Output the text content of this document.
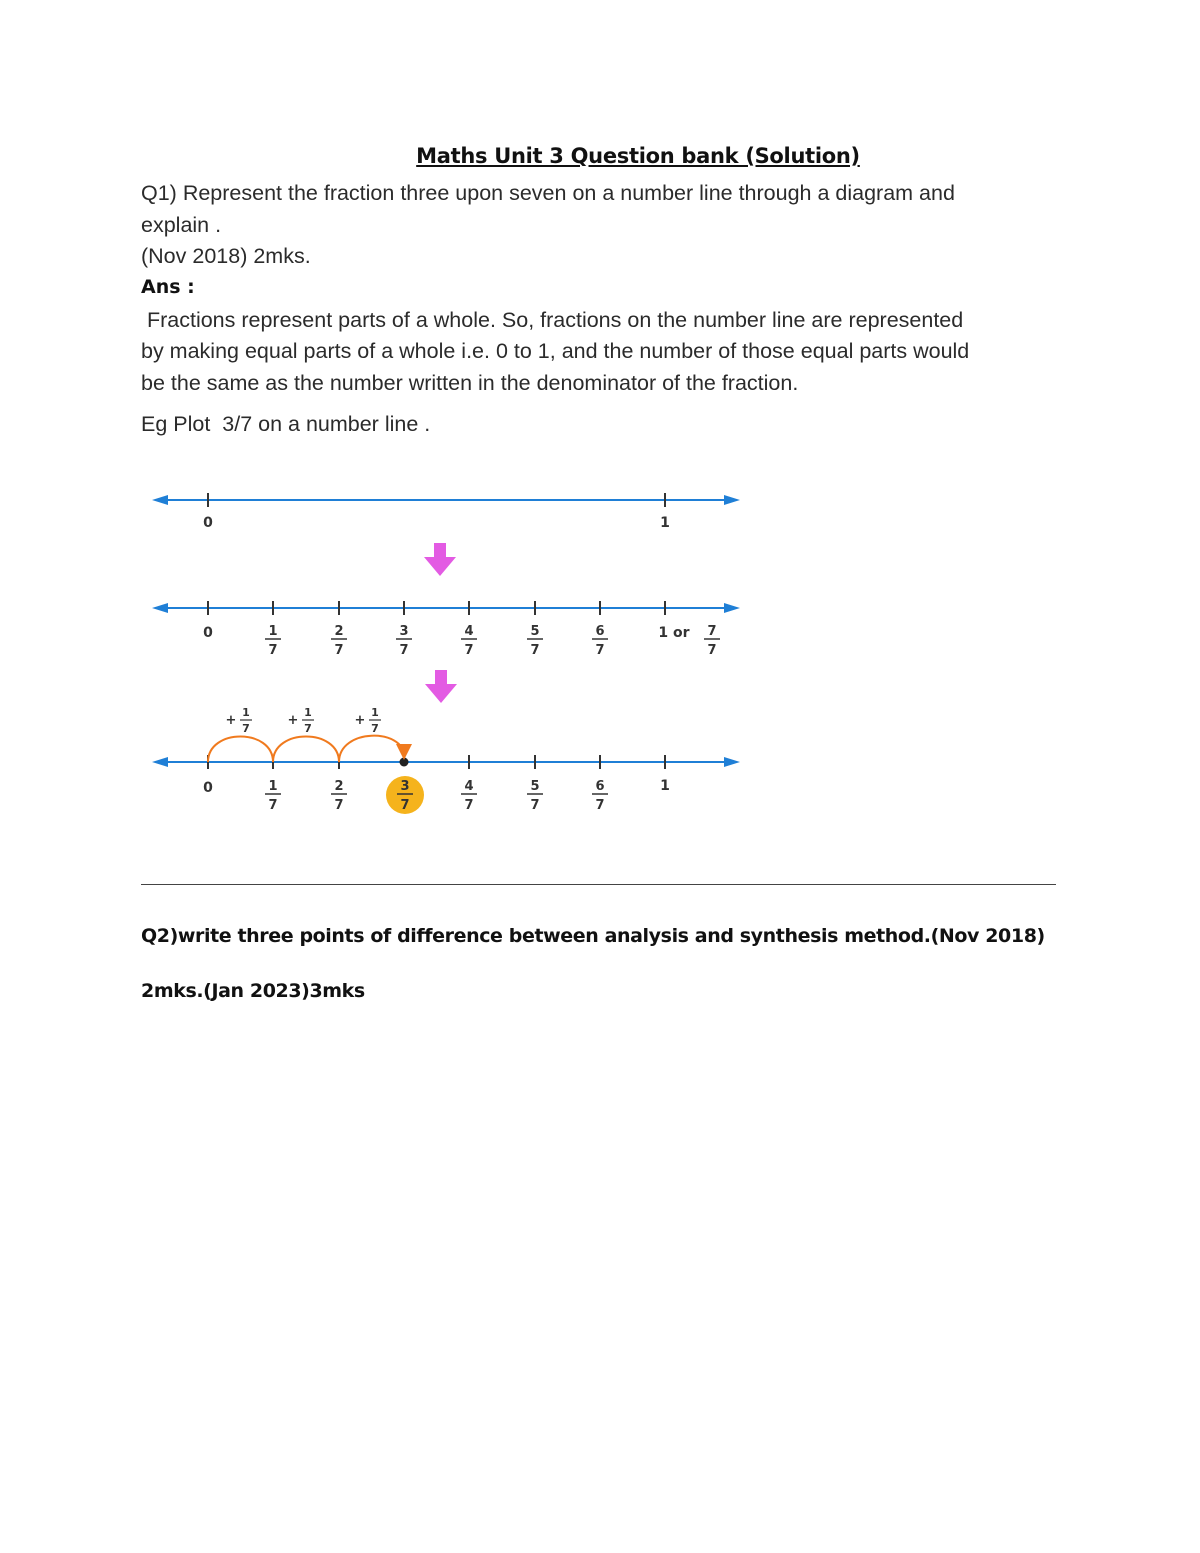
Maths Unit 3 Question bank (Solution)
Q1) Represent the fraction three upon seven on a number line through a diagram and
explain .
(Nov 2018) 2mks.
Ans :
Fractions represent parts of a whole. So, fractions on the number line are represented
by making equal parts of a whole i.e. 0 to 1, and the number of those equal parts would
be the same as the number written in the denominator of the fraction.
Eg Plot  3/7 on a number line .
0	1
0	1
7
2
7
3
7
4
7
5
7
6
7
1 or 7
7
+
1
7
+
1
7
+
1
7
0	1
7
2
7
3
7
4
7
5
7
6
7
1
Q2)write three points of difference between analysis and synthesis method.(Nov 2018)
2mks.(Jan 2023)3mks
